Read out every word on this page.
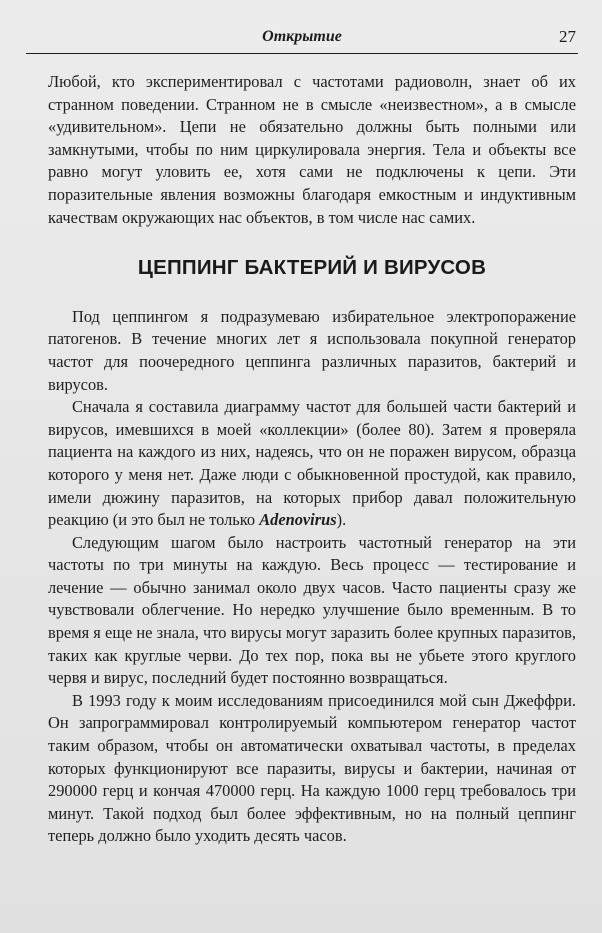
Открытие	27

Любой, кто экспериментировал с частотами радиоволн, знает об их странном поведении. Странном не в смысле «неизвестном», а в смысле «удивительном». Цепи не обязательно должны быть полными или замкнутыми, чтобы по ним циркулировала энергия. Тела и объекты все равно могут уловить ее, хотя сами не подключены к цепи. Эти поразительные явления возможны благодаря емкостным и индуктивным качествам окружающих нас объектов, в том числе нас самих.

ЦЕППИНГ БАКТЕРИЙ И ВИРУСОВ

Под цеппингом я подразумеваю избирательное электропоражение патогенов. В течение многих лет я использовала покупной генератор частот для поочередного цеппинга различных паразитов, бактерий и вирусов.

Сначала я составила диаграмму частот для большей части бактерий и вирусов, имевшихся в моей «коллекции» (более 80). Затем я проверяла пациента на каждого из них, надеясь, что он не поражен вирусом, образца которого у меня нет. Даже люди с обыкновенной простудой, как правило, имели дюжину паразитов, на которых прибор давал положительную реакцию (и это был не только Adenovirus).

Следующим шагом было настроить частотный генератор на эти частоты по три минуты на каждую. Весь процесс — тестирование и лечение — обычно занимал около двух часов. Часто пациенты сразу же чувствовали облегчение. Но нередко улучшение было временным. В то время я еще не знала, что вирусы могут заразить более крупных паразитов, таких как круглые черви. До тех пор, пока вы не убьете этого круглого червя и вирус, последний будет постоянно возвращаться.

В 1993 году к моим исследованиям присоединился мой сын Джеффри. Он запрограммировал контролируемый компьютером генератор частот таким образом, чтобы он автоматически охватывал частоты, в пределах которых функционируют все паразиты, вирусы и бактерии, начиная от 290000 герц и кончая 470000 герц. На каждую 1000 герц требовалось три минут. Такой подход был более эффективным, но на полный цеппинг теперь должно было уходить десять часов.
